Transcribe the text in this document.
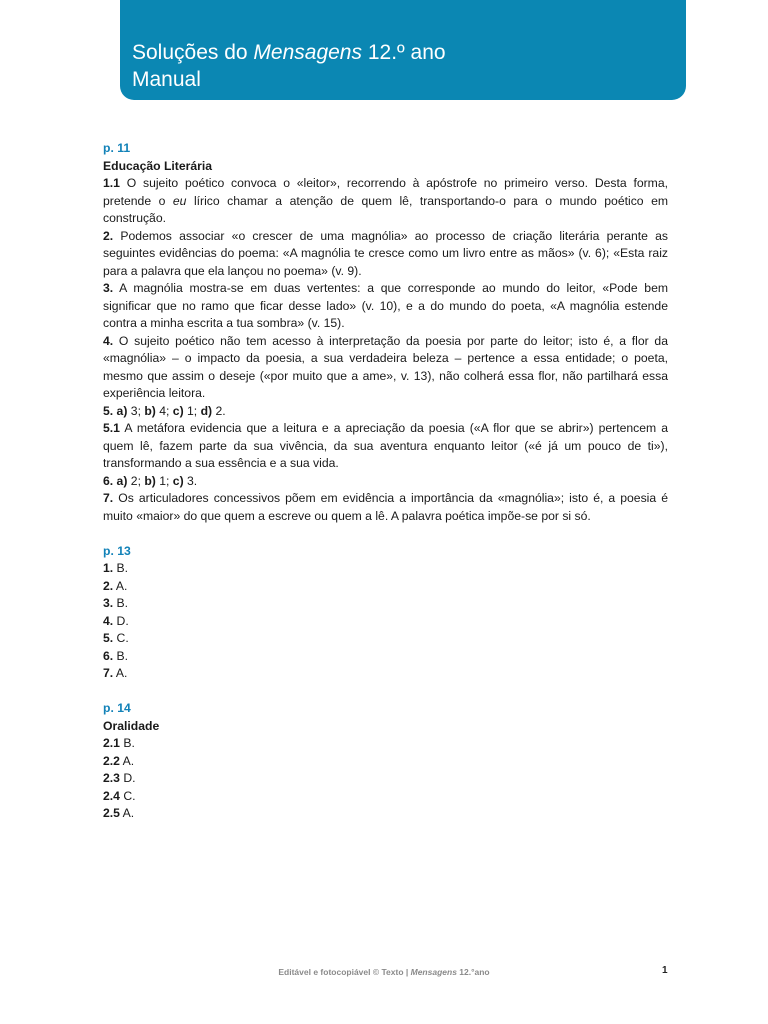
Soluções do Mensagens 12.º ano
Manual
p. 11
Educação Literária

1.1 O sujeito poético convoca o «leitor», recorrendo à apóstrofe no primeiro verso. Desta forma, pretende o eu lírico chamar a atenção de quem lê, transportando-o para o mundo poético em construção.

2. Podemos associar «o crescer de uma magnólia» ao processo de criação literária perante as seguintes evidências do poema: «A magnólia te cresce como um livro entre as mãos» (v. 6); «Esta raiz para a palavra que ela lançou no poema» (v. 9).

3. A magnólia mostra-se em duas vertentes: a que corresponde ao mundo do leitor, «Pode bem significar que no ramo que ficar desse lado» (v. 10), e a do mundo do poeta, «A magnólia estende contra a minha escrita a tua sombra» (v. 15).

4. O sujeito poético não tem acesso à interpretação da poesia por parte do leitor; isto é, a flor da «magnólia» – o impacto da poesia, a sua verdadeira beleza – pertence a essa entidade; o poeta, mesmo que assim o deseje («por muito que a ame», v. 13), não colherá essa flor, não partilhará essa experiência leitora.

5. a) 3; b) 4; c) 1; d) 2.

5.1 A metáfora evidencia que a leitura e a apreciação da poesia («A flor que se abrir») pertencem a quem lê, fazem parte da sua vivência, da sua aventura enquanto leitor («é já um pouco de ti»), transformando a sua essência e a sua vida.

6. a) 2; b) 1; c) 3.

7. Os articuladores concessivos põem em evidência a importância da «magnólia»; isto é, a poesia é muito «maior» do que quem a escreve ou quem a lê. A palavra poética impõe-se por si só.

p. 13
1. B.
2. A.
3. B.
4. D.
5. C.
6. B.
7. A.
p. 14
Oralidade
2.1 B.
2.2 A.
2.3 D.
2.4 C.
2.5 A.
Editável e fotocopiável © Texto | Mensagens 12.°ano	1
